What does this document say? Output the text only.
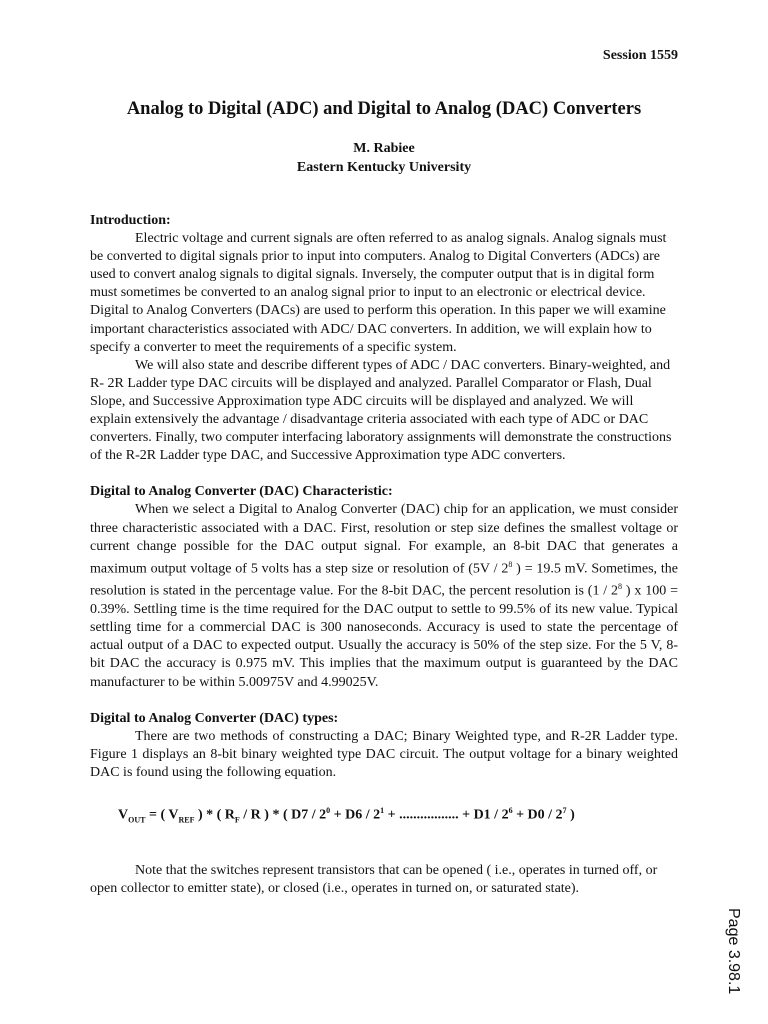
Session 1559
Analog to Digital (ADC) and Digital to Analog (DAC) Converters
M. Rabiee
Eastern Kentucky University

Introduction:

Electric voltage and current signals are often referred to as analog signals. Analog signals must be converted to digital signals prior to input into computers. Analog to Digital Converters (ADCs) are used to convert analog signals to digital signals. Inversely, the computer output that is in digital form must sometimes be converted to an analog signal prior to input to an electronic or electrical device. Digital to Analog Converters (DACs) are used to perform this operation. In this paper we will examine important characteristics associated with ADC/ DAC converters. In addition, we will explain how to specify a converter to meet the requirements of a specific system.

We will also state and describe different types of ADC / DAC converters. Binary-weighted, and R- 2R Ladder type DAC circuits will be displayed and analyzed. Parallel Comparator or Flash, Dual Slope, and Successive Approximation type ADC circuits will be displayed and analyzed. We will explain extensively the advantage / disadvantage criteria associated with each type of ADC or DAC converters. Finally, two computer interfacing laboratory assignments will demonstrate the constructions of the R-2R Ladder type DAC, and Successive Approximation type ADC converters.

Digital to Analog Converter (DAC) Characteristic:

When we select a Digital to Analog Converter (DAC) chip for an application, we must consider three characteristic associated with a DAC. First, resolution or step size defines the smallest voltage or current change possible for the DAC output signal. For example, an 8-bit DAC that generates a maximum output voltage of 5 volts has a step size or resolution of ($5V / 2^8$ ) = 19.5 mV. Sometimes, the resolution is stated in the percentage value. For the 8-bit DAC, the percent resolution is ($1 / 2^8$ ) x 100 = 0.39%. Settling time is the time required for the DAC output to settle to 99.5% of its new value. Typical settling time for a commercial DAC is 300 nanoseconds. Accuracy is used to state the percentage of actual output of a DAC to expected output. Usually the accuracy is 50% of the step size. For the 5 V, 8-bit DAC the accuracy is 0.975 mV. This implies that the maximum output is guaranteed by the DAC manufacturer to be within 5.00975V and 4.99025V.

Digital to Analog Converter (DAC) types:

There are two methods of constructing a DAC; Binary Weighted type, and R-2R Ladder type. Figure 1 displays an 8-bit binary weighted type DAC circuit. The output voltage for a binary weighted DAC is found using the following equation.

$V_{OUT}$ = ( $V_{REF}$ ) * ( $R_F$ / R ) * ( $D7 / 2^0 + D6 / 2^1$ + ................. + $D1 / 2^6 + D0 / 2^7$ )

Note that the switches represent transistors that can be opened ( i.e., operates in turned off, or open collector to emitter state), or closed (i.e., operates in turned on, or saturated state).

Page 3.98.1
